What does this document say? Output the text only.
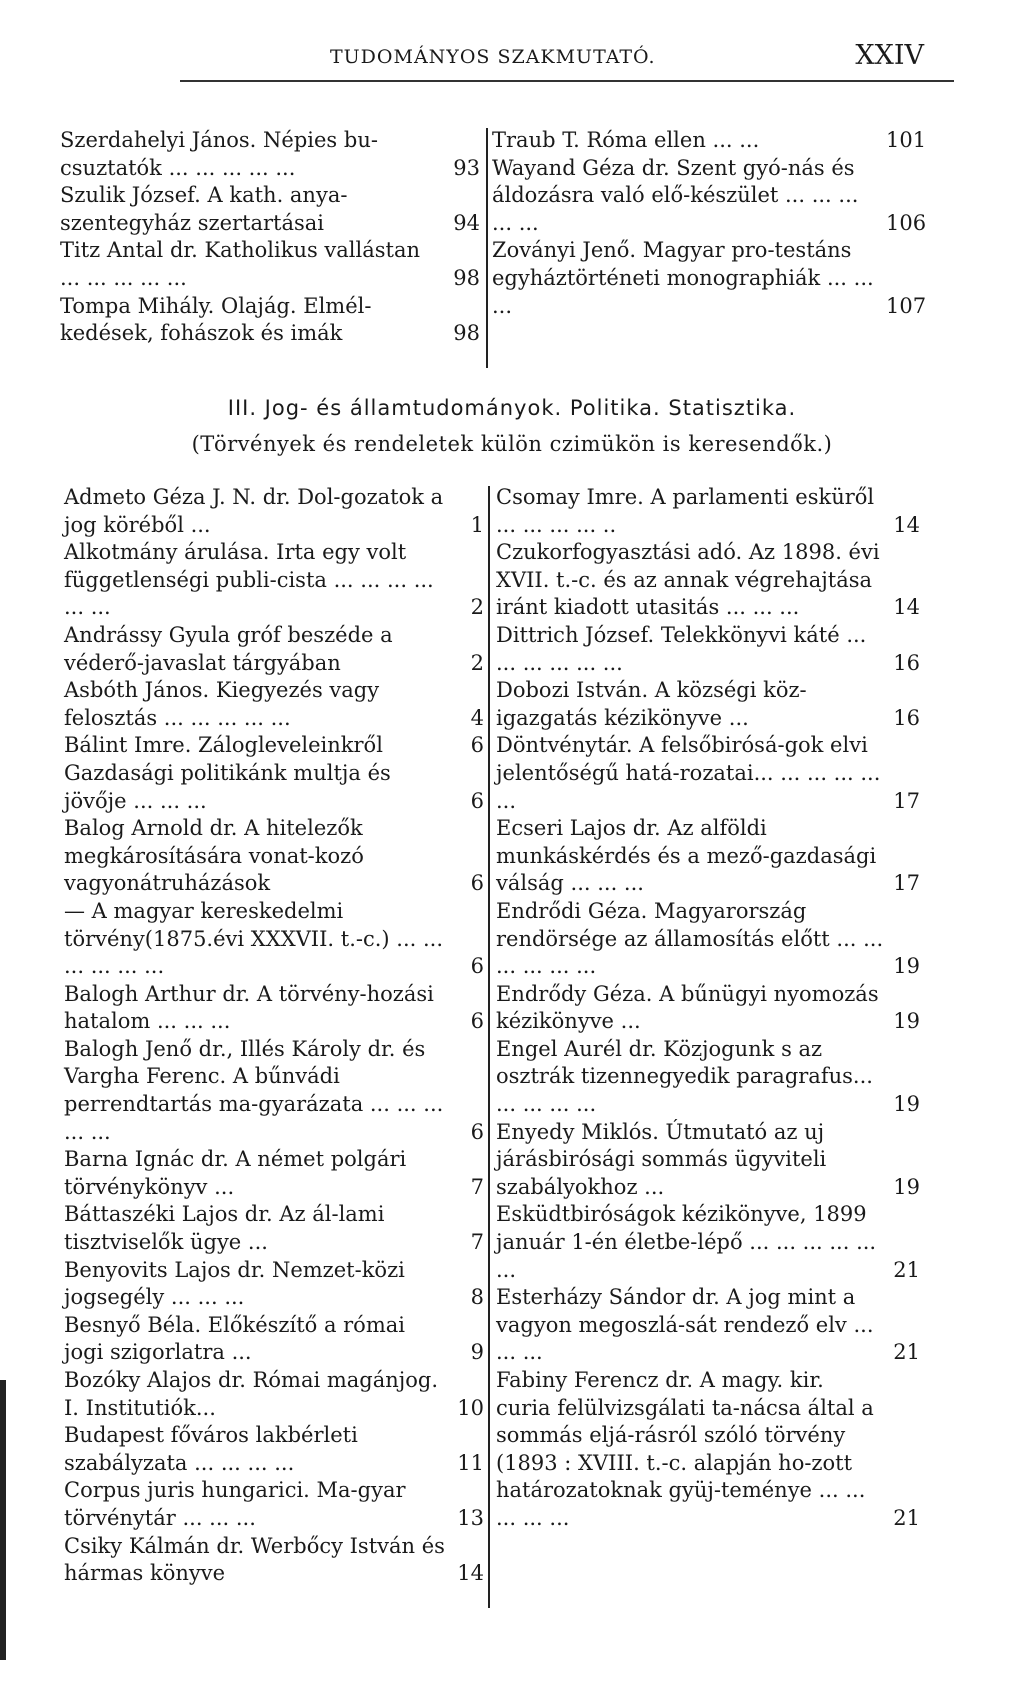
TUDOMÁNYOS SZAKMUTATÓ.	XXIV
Szerdahelyi János. Népies bu-csuztatók ... ... ... ... ...	93
Szulik József. A kath. anya-szentegyház szertartásai	94
Titz Antal dr. Katholikus vallástan ... ... ... ... ...	98
Tompa Mihály. Olajág. Elmél-kedések, fohászok és imák	98
Traub T. Róma ellen ... ...	101
Wayand Géza dr. Szent gyó-nás és áldozásra való elő-készület ... ... ... ... ...	106
Zoványi Jenő. Magyar pro-testáns egyháztörténeti monographiák ... ... ...	107
III. Jog- és államtudományok. Politika. Statisztika.
(Törvények és rendeletek külön czimükön is keresendők.)
Admeto Géza J. N. dr. Dol-gozatok a jog köréből ...	1
Alkotmány árulása. Irta egy volt függetlenségi publi-cista ... ... ... ... ... ...	2
Andrássy Gyula gróf beszéde a véderő-javaslat tárgyában	2
Asbóth János. Kiegyezés vagy felosztás ... ... ... ... ...	4
Bálint Imre. Zálogleveleinkről	6
Gazdasági politikánk multja és jövője ... ... ...	6
Balog Arnold dr. A hitelezők megkárosítására vonat-kozó vagyonátruházások	6
— A magyar kereskedelmi törvény(1875.évi XXXVII. t.-c.) ... ... ... ... ... ...	6
Balogh Arthur dr. A törvény-hozási hatalom ... ... ...	6
Balogh Jenő dr., Illés Károly dr. és Vargha Ferenc. A bűnvádi perrendtartás ma-gyarázata ... ... ... ... ...	6
Barna Ignác dr. A német polgári törvénykönyv ...	7
Báttaszéki Lajos dr. Az ál-lami tisztviselők ügye ...	7
Benyovits Lajos dr. Nemzet-közi jogsegély ... ... ...	8
Besnyő Béla. Előkészítő a római jogi szigorlatra ...	9
Bozóky Alajos dr. Római magánjog. I. Institutiók...	10
Budapest főváros lakbérleti szabályzata ... ... ... ...	11
Corpus juris hungarici. Ma-gyar törvénytár ... ... ...	13
Csiky Kálmán dr. Werbőcy István és hármas könyve	14
Csomay Imre. A parlamenti esküről ... ... ... ... ..	14
Czukorfogyasztási adó. Az 1898. évi XVII. t.-c. és az annak végrehajtása iránt kiadott utasitás ... ... ...	14
Dittrich József. Telekkönyvi káté ... ... ... ... ... ...	16
Dobozi István. A községi köz-igazgatás kézikönyve ...	16
Döntvénytár. A felsőbirósá-gok elvi jelentőségű hatá-rozatai... ... ... ... ... ...	17
Ecseri Lajos dr. Az alföldi munkáskérdés és a mező-gazdasági válság ... ... ...	17
Endrődi Géza. Magyarország rendörsége az államosítás előtt ... ... ... ... ... ...	19
Endrődy Géza. A bűnügyi nyomozás kézikönyve ...	19
Engel Aurél dr. Közjogunk s az osztrák tizennegyedik paragrafus... ... ... ... ...	19
Enyedy Miklós. Útmutató az uj járásbirósági sommás ügyviteli szabályokhoz ...	19
Esküdtbiróságok kézikönyve, 1899 január 1-én életbe-lépő ... ... ... ... ... ...	21
Esterházy Sándor dr. A jog mint a vagyon megoszlá-sát rendező elv ... ... ...	21
Fabiny Ferencz dr. A magy. kir. curia felülvizsgálati ta-nácsa által a sommás eljá-rásról szóló törvény (1893 : XVIII. t.-c. alapján ho-zott határozatoknak gyüj-teménye ... ... ... ... ...	21
